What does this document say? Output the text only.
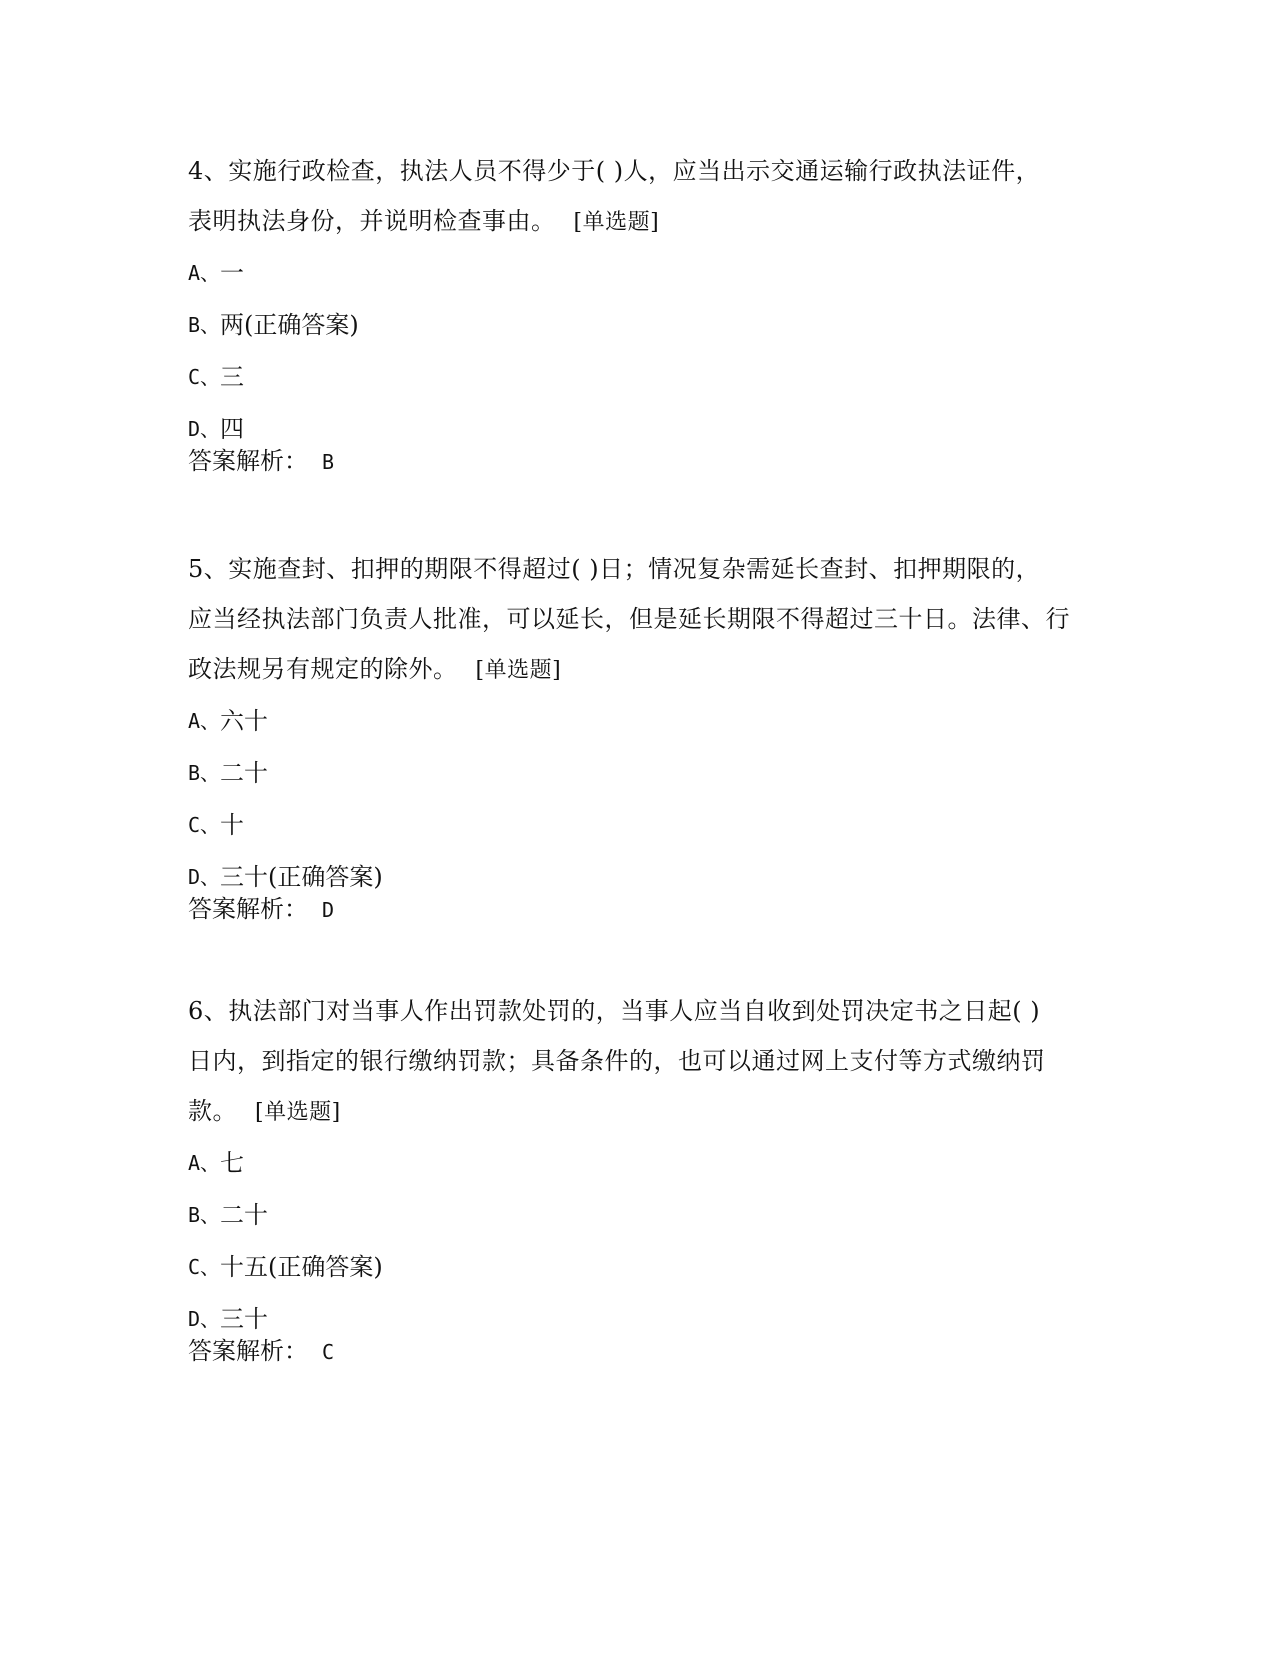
4、实施行政检查，执法人员不得少于( )人，应当出示交通运输行政执法证件，
表明执法身份，并说明检查事由。 [单选题]

A、 一

B、 两(正确答案)

C、 三

D、 四

答案解析： B

5、实施查封、扣押的期限不得超过( )日；情况复杂需延长查封、扣押期限的，
应当经执法部门负责人批准，可以延长，但是延长期限不得超过三十日。法律、行
政法规另有规定的除外。 [单选题]

A、 六十

B、 二十

C、 十

D、 三十(正确答案)

答案解析： D

6、执法部门对当事人作出罚款处罚的，当事人应当自收到处罚决定书之日起( )
日内，到指定的银行缴纳罚款；具备条件的，也可以通过网上支付等方式缴纳罚
款。 [单选题]

A、 七

B、 二十

C、 十五(正确答案)

D、 三十

答案解析： C
